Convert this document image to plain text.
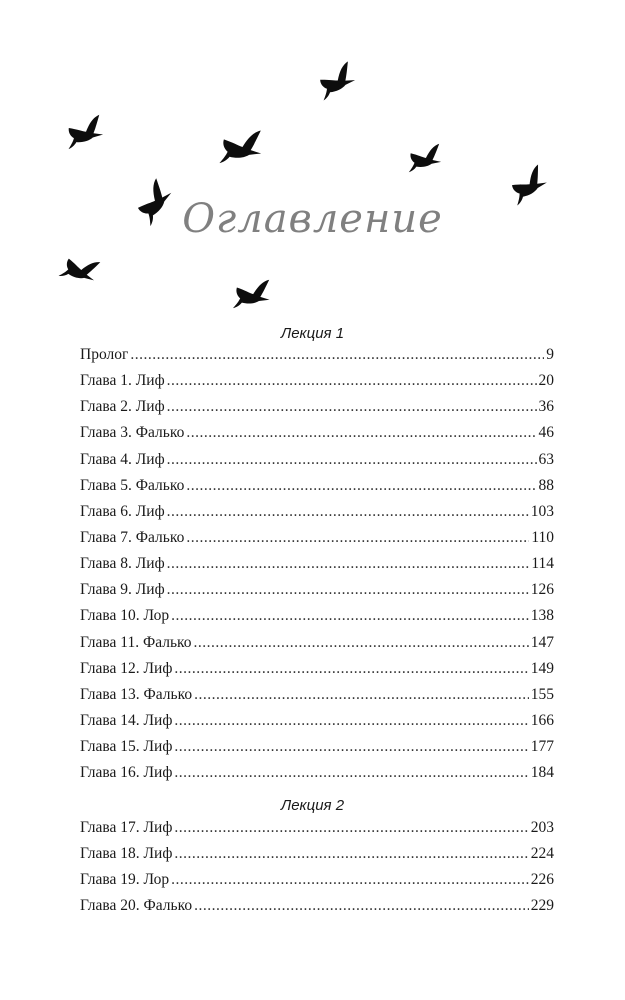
Оглавление
Лекция 1
Пролог .....	9
Глава 1. Лиф .....	20
Глава 2. Лиф .....	36
Глава 3. Фалько .....	46
Глава 4. Лиф .....	63
Глава 5. Фалько .....	88
Глава 6. Лиф .....	103
Глава 7. Фалько .....	110
Глава 8. Лиф .....	114
Глава 9. Лиф .....	126
Глава 10. Лор .....	138
Глава 11. Фалько .....	147
Глава 12. Лиф .....	149
Глава 13. Фалько .....	155
Глава 14. Лиф .....	166
Глава 15. Лиф .....	177
Глава 16. Лиф .....	184
Лекция 2
Глава 17. Лиф .....	203
Глава 18. Лиф .....	224
Глава 19. Лор .....	226
Глава 20. Фалько .....	229
